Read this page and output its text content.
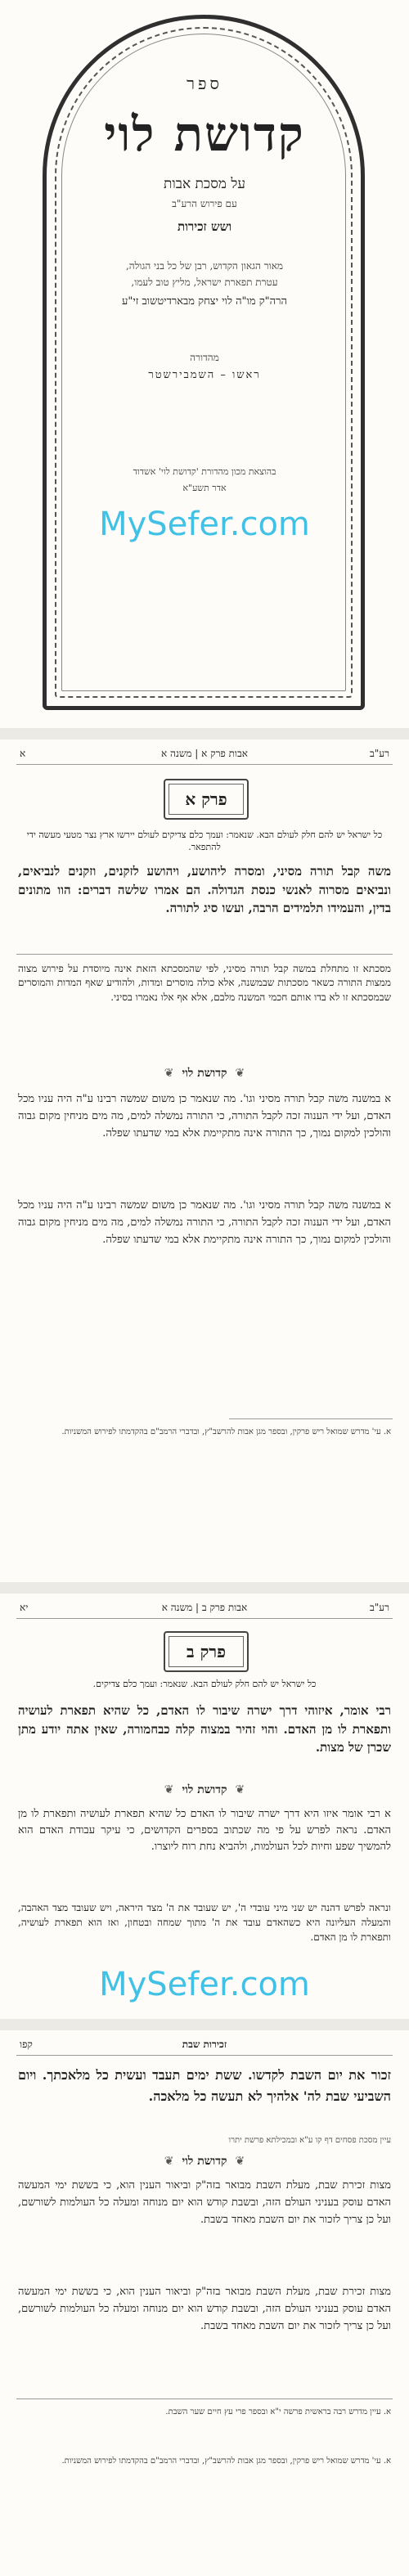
ספר
קדושת לוי
על מסכת אבות
עם פירוש הרע"ב
ושש זכירות
מאור הגאון הקדוש, רבן של כל בני הגולה,
עטרת תפארת ישראל, מליץ טוב לעמו,
הרה"ק מו"ה לוי יצחק מבארדיטשוב זי"ע
מהדורה
ראשו – השמבירשטר
בהוצאת מכון מהדורת 'קדושת לוי' אשדוד
אדר תשע"א
MySefer.com
רע"ב
אבות פרק א | משנה א
א
פרק א
כל ישראל יש להם חלק לעולם הבא. שנאמר: ועמך כלם צדיקים לעולם יירשו ארץ נצר מטעי מעשה ידי להתפאר.
משה קבל תורה מסיני, ומסרה ליהושע, ויהושע לזקנים, וזקנים לנביאים, ונביאים מסרוה לאנשי כנסת הגדולה. הם אמרו שלשה דברים: הוו מתונים בדין, והעמידו תלמידים הרבה, ועשו סיג לתורה.
מסכתא זו מתחלת במשה קבל תורה מסיני, לפי שהמסכתא הזאת אינה מיוסדת על פירוש מצוה ממצות התורה כשאר מסכתות שבמשנה, אלא כולה מוסרים ומדות, ולהודיע שאף המדות והמוסרים שבמסכתא זו לא בדו אותם חכמי המשנה מלבם, אלא אף אלו נאמרו בסיני.
❦ קדושת לוי ❦
א במשנה משה קבל תורה מסיני וגו'. מה שנאמר כן משום שמשה רבינו ע"ה היה עניו מכל האדם, ועל ידי הענוה זכה לקבל התורה, כי התורה נמשלה למים, מה מים מניחין מקום גבוה והולכין למקום נמוך, כך התורה אינה מתקיימת אלא במי שדעתו שפלה.
א במשנה משה קבל תורה מסיני וגו'. מה שנאמר כן משום שמשה רבינו ע"ה היה עניו מכל האדם, ועל ידי הענוה זכה לקבל התורה, כי התורה נמשלה למים, מה מים מניחין מקום גבוה והולכין למקום נמוך, כך התורה אינה מתקיימת אלא במי שדעתו שפלה.
א. עי' מדרש שמואל ריש פרקין, ובספר מגן אבות להרשב"ץ, ובדברי הרמב"ם בהקדמתו לפירוש המשניות.
רע"ב
אבות פרק ב | משנה א
יא
פרק ב
כל ישראל יש להם חלק לעולם הבא. שנאמר: ועמך כלם צדיקים.
רבי אומר, איזוהי דרך ישרה שיבור לו האדם, כל שהיא תפארת לעושיה ותפארת לו מן האדם. והוי זהיר במצוה קלה כבחמורה, שאין אתה יודע מתן שכרן של מצות.
❦ קדושת לוי ❦
א רבי אומר איזו היא דרך ישרה שיבור לו האדם כל שהיא תפארת לעושיה ותפארת לו מן האדם. נראה לפרש על פי מה שכתוב בספרים הקדושים, כי עיקר עבודת האדם הוא להמשיך שפע וחיות לכל העולמות, ולהביא נחת רוח ליוצרו.
ונראה לפרש דהנה יש שני מיני עובדי ה', יש שעובד את ה' מצד היראה, ויש שעובד מצד האהבה, והמעלה העליונה היא כשהאדם עובד את ה' מתוך שמחה ובטחון, ואז הוא תפארת לעושיה, ותפארת לו מן האדם.
MySefer.com
קפו	זכירות שבת
זכור את יום השבת לקדשו. ששת ימים תעבד ועשית כל מלאכתך. ויום השביעי שבת לה' אלהיך לא תעשה כל מלאכה.
עיין מסכת פסחים דף קו ע"א ובמכילתא פרשת יתרו
❦ קדושת לוי ❦
מצות זכירת שבת, מעלת השבת מבואר בזה"ק וביאור הענין הוא, כי בששת ימי המעשה האדם עוסק בעניני העולם הזה, ובשבת קודש הוא יום מנוחה ומעלה כל העולמות לשורשם, ועל כן צריך לזכור את יום השבת מאחד בשבת.
מצות זכירת שבת, מעלת השבת מבואר בזה"ק וביאור הענין הוא, כי בששת ימי המעשה האדם עוסק בעניני העולם הזה, ובשבת קודש הוא יום מנוחה ומעלה כל העולמות לשורשם, ועל כן צריך לזכור את יום השבת מאחד בשבת.
א. עיין מדרש רבה בראשית פרשה י"א ובספר פרי עץ חיים שער השבת.
א. עי' מדרש שמואל ריש פרקין, ובספר מגן אבות להרשב"ץ, ובדברי הרמב"ם בהקדמתו לפירוש המשניות.
